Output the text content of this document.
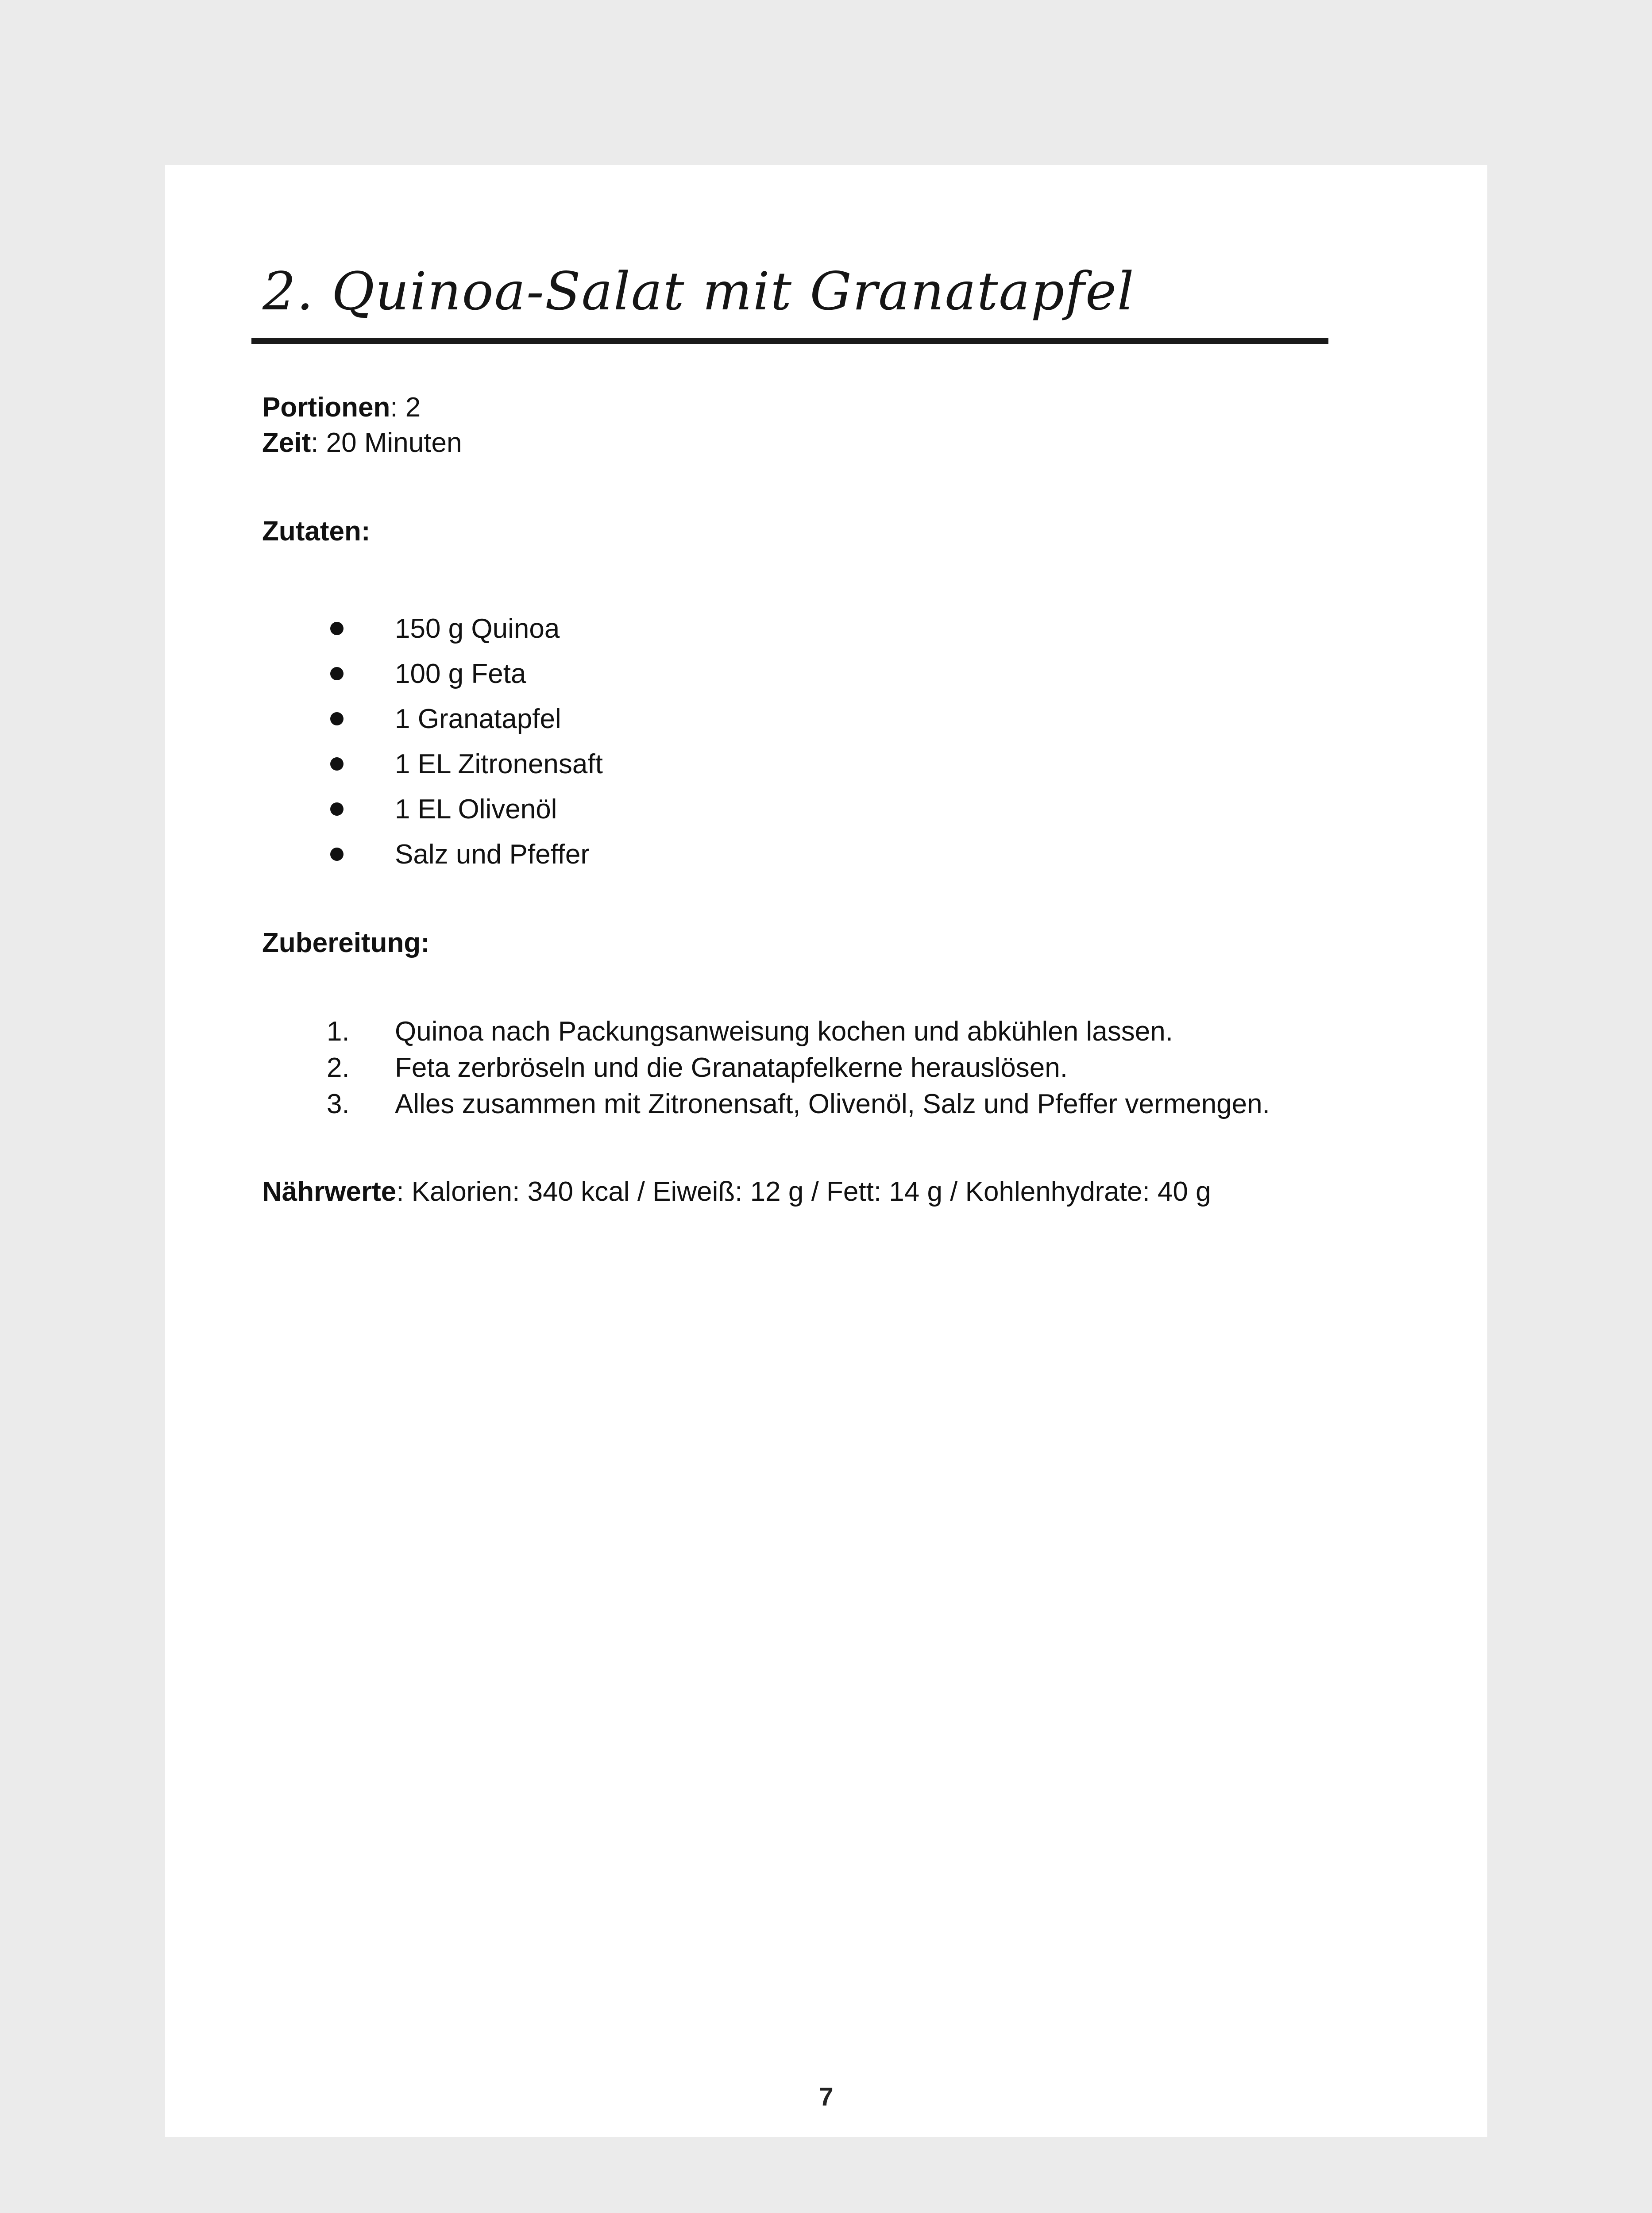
2. Quinoa-Salat mit Granatapfel
Portionen: 2
Zeit: 20 Minuten
Zutaten:
150 g Quinoa
100 g Feta
1 Granatapfel
1 EL Zitronensaft
1 EL Olivenöl
Salz und Pfeffer
Zubereitung:
1. Quinoa nach Packungsanweisung kochen und abkühlen lassen.
2. Feta zerbröseln und die Granatapfelkerne herauslösen.
3. Alles zusammen mit Zitronensaft, Olivenöl, Salz und Pfeffer vermengen.
Nährwerte: Kalorien: 340 kcal / Eiweiß: 12 g / Fett: 14 g / Kohlenhydrate: 40 g
7
